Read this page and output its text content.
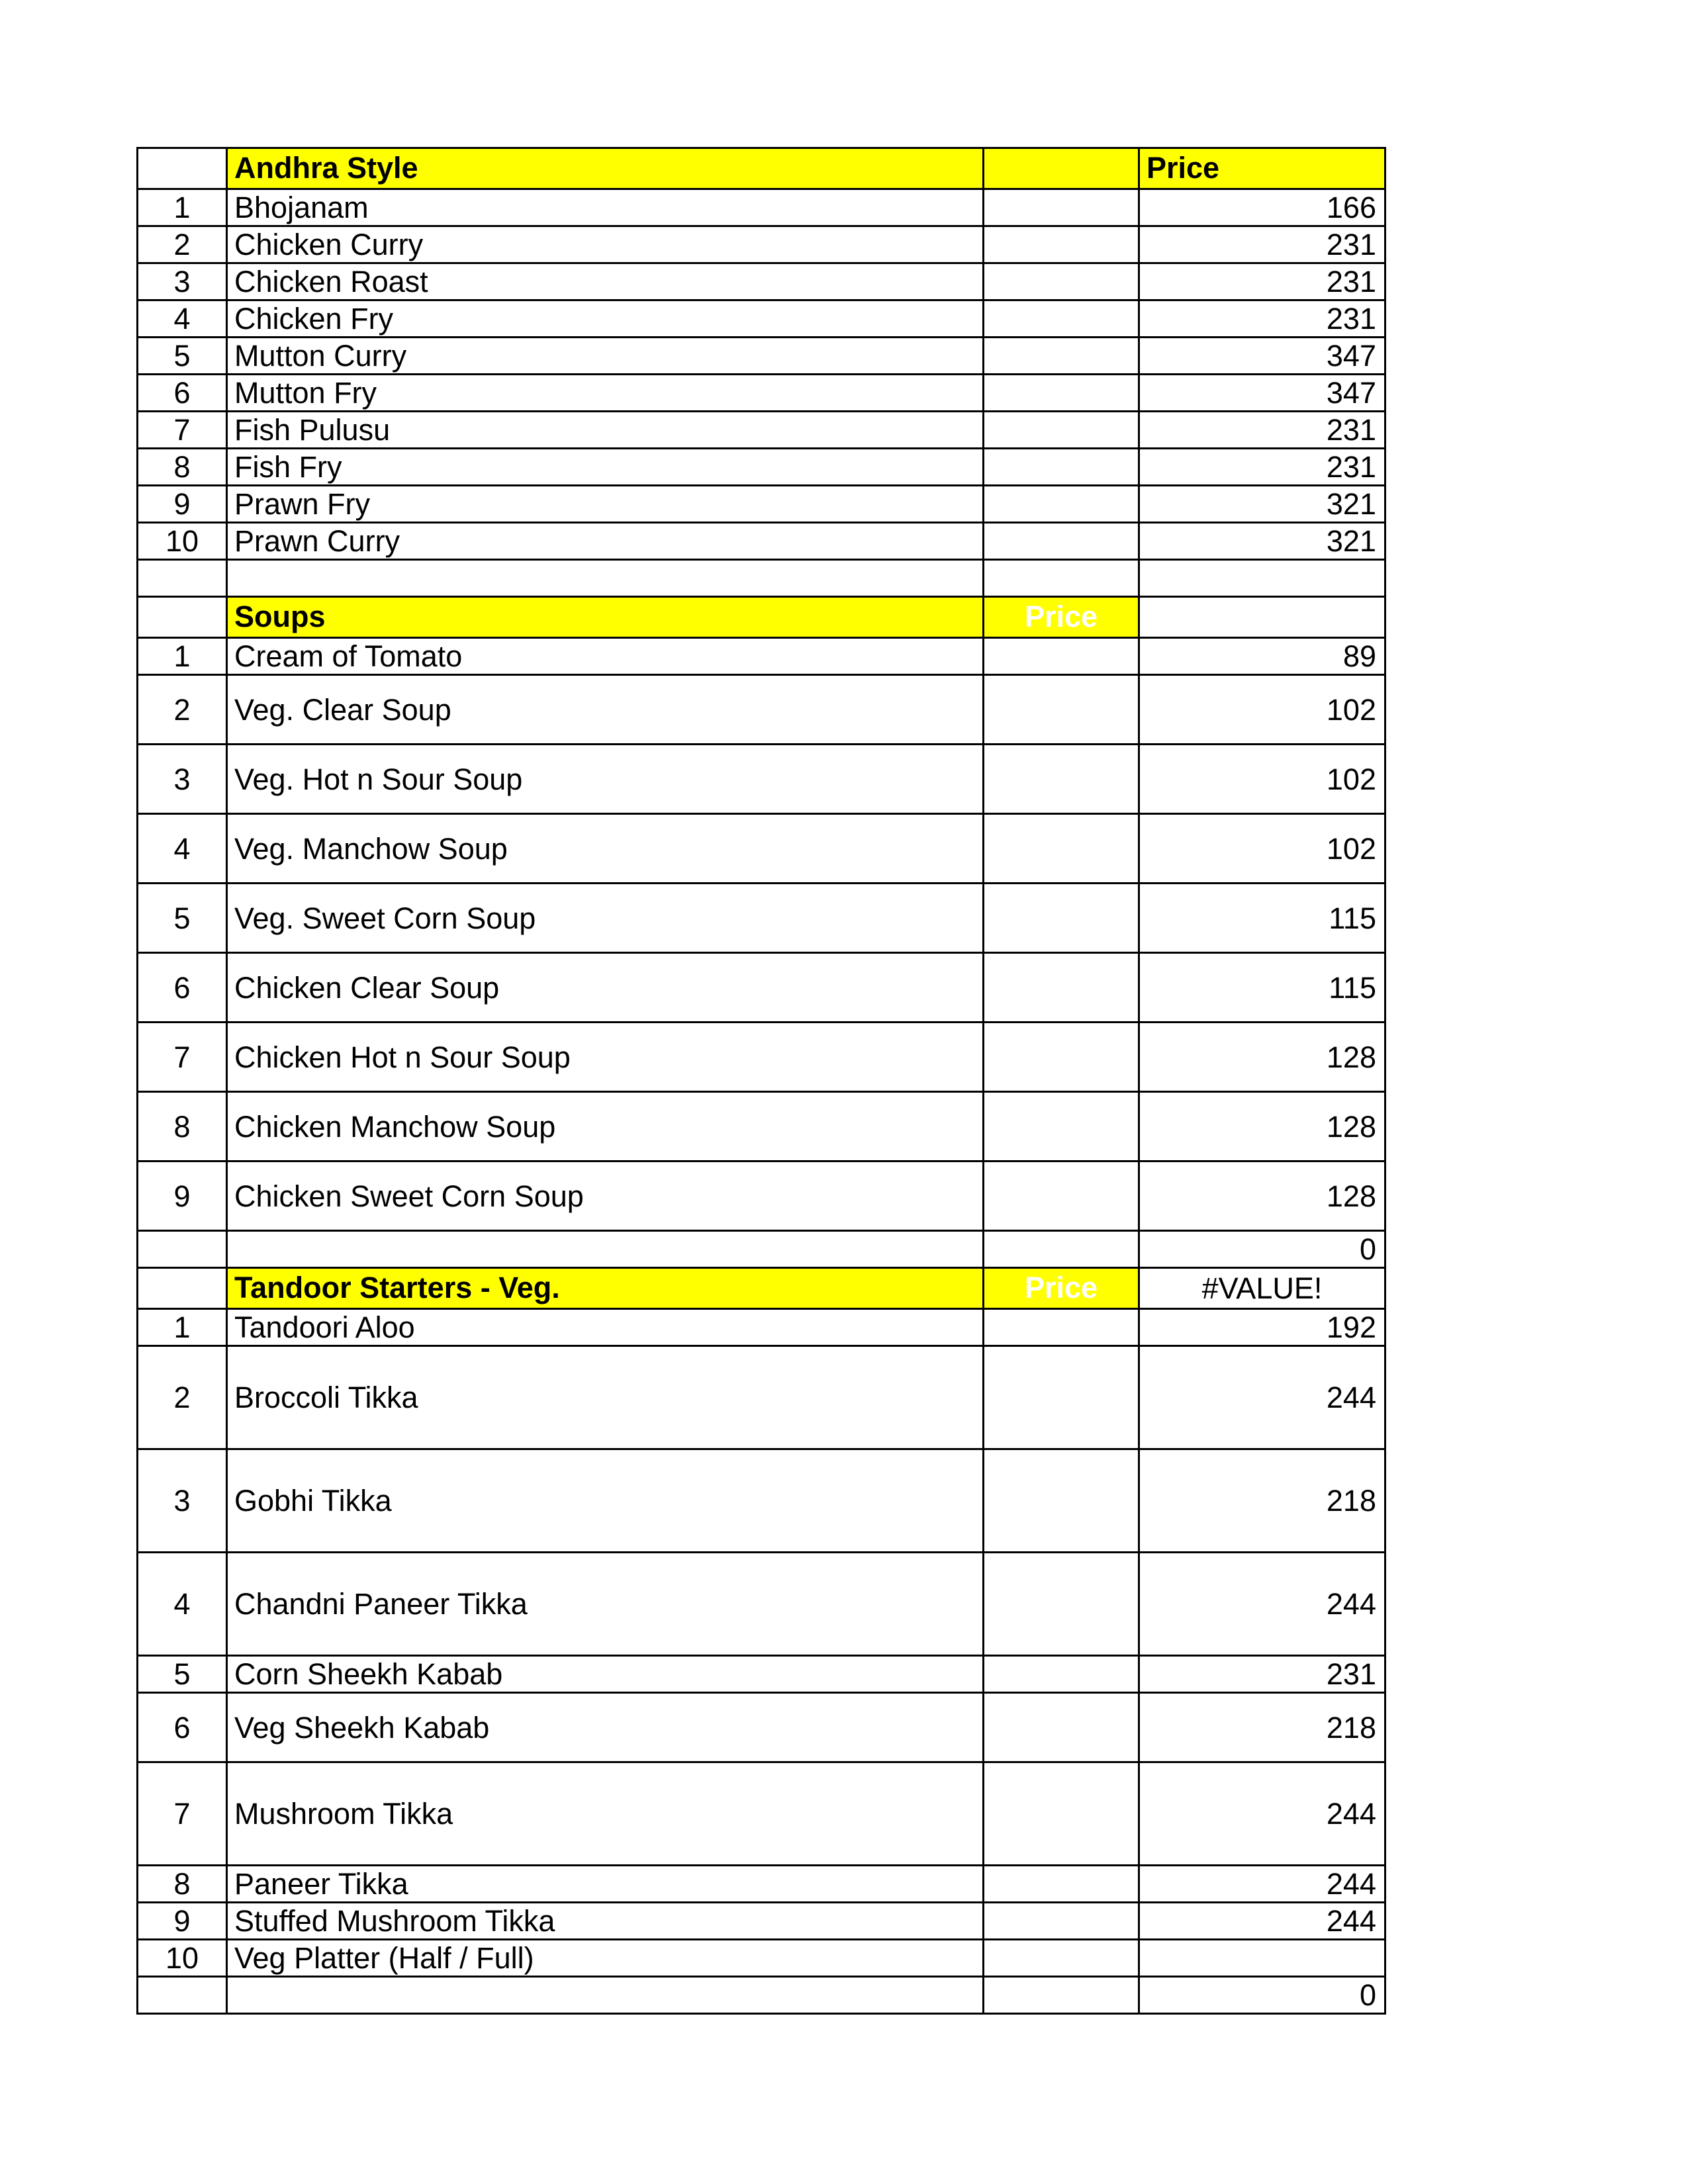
	Andhra Style		Price
1	Bhojanam		166
2	Chicken Curry		231
3	Chicken Roast		231
4	Chicken Fry		231
5	Mutton Curry		347
6	Mutton Fry		347
7	Fish Pulusu		231
8	Fish Fry		231
9	Prawn Fry		321
10	Prawn Curry		321

	Soups	Price	
1	Cream of Tomato		89
2	Veg. Clear Soup		102
3	Veg. Hot n Sour Soup		102
4	Veg. Manchow Soup		102
5	Veg. Sweet Corn Soup		115
6	Chicken Clear Soup		115
7	Chicken Hot n Sour Soup		128
8	Chicken Manchow Soup		128
9	Chicken Sweet Corn Soup		128
			0
	Tandoor Starters - Veg.	Price	#VALUE!
1	Tandoori Aloo		192
2	Broccoli Tikka		244
3	Gobhi Tikka		218
4	Chandni Paneer Tikka		244
5	Corn Sheekh Kabab		231
6	Veg Sheekh Kabab		218
7	Mushroom Tikka		244
8	Paneer Tikka		244
9	Stuffed Mushroom Tikka		244
10	Veg Platter (Half / Full)		
			0
